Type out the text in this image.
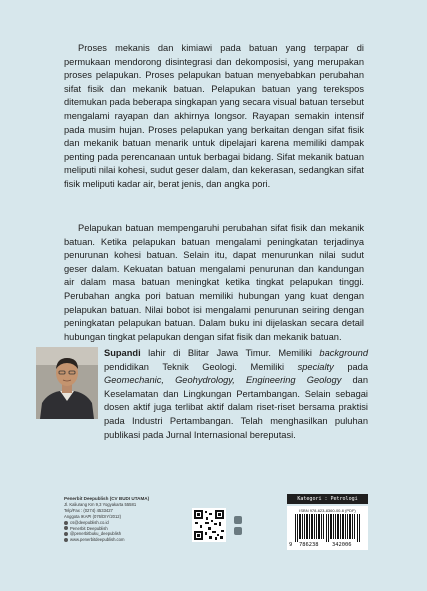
Proses mekanis dan kimiawi pada batuan yang terpapar di permukaan mendorong disintegrasi dan dekomposisi, yang merupakan proses pelapukan. Proses pelapukan batuan menyebabkan perubahan sifat fisik dan mekanik batuan. Pelapukan batuan yang terekspos ditemukan pada beberapa singkapan yang secara visual batuan tersebut mengalami rayapan dan akhirnya longsor. Rayapan semakin intensif pada musim hujan. Proses pelapukan yang berkaitan dengan sifat fisik dan mekanik batuan menarik untuk dipelajari karena memiliki dampak penting pada perencanaan untuk berbagai bidang. Sifat mekanik batuan meliputi nilai kohesi, sudut geser dalam, dan kekerasan, sedangkan sifat fisik meliputi kadar air, berat jenis, dan angka pori.

Pelapukan batuan mempengaruhi perubahan sifat fisik dan mekanik batuan. Ketika pelapukan batuan mengalami peningkatan terjadinya penurunan kohesi batuan. Selain itu, dapat menurunkan nilai sudut geser dalam. Kekuatan batuan mengalami penurunan dan kandungan air dalam masa batuan meningkat ketika tingkat pelapukan tinggi. Perubahan angka pori batuan memiliki hubungan yang kuat dengan pelapukan batuan. Nilai bobot isi mengalami penurunan seiring dengan peningkatan pelapukan batuan. Dalam buku ini dijelaskan secara detail hubungan tingkat pelapukan dengan sifat fisik dan mekanik batuan.

Supandi lahir di Blitar Jawa Timur. Memiliki background pendidikan Teknik Geologi. Memiliki specialty pada Geomechanic, Geohydrology, Engineering Geology dan Keselamatan dan Lingkungan Pertambangan. Selain sebagai dosen aktif juga terlibat aktif dalam riset-riset bersama praktisi pada Industri Pertambangan. Telah menghasilkan puluhan publikasi pada Jurnal Internasional bereputasi.

Penerbit Deepublish (CV BUDI UTAMA)
Jl. Kaliurang Km 9,3 Yogyakarta 55581
Telp/Fax : (0274) 4533427
Anggota IKAPI (076/DIY/2012)
cs@deepublish.co.id
Penerbit Deepublish
@penerbitbuku_deepublish
www.penerbitdeepublish.com
Kategori : Petrologi
ISBN 978-623-8360-00-6 (PDF)
9 786238	342006
